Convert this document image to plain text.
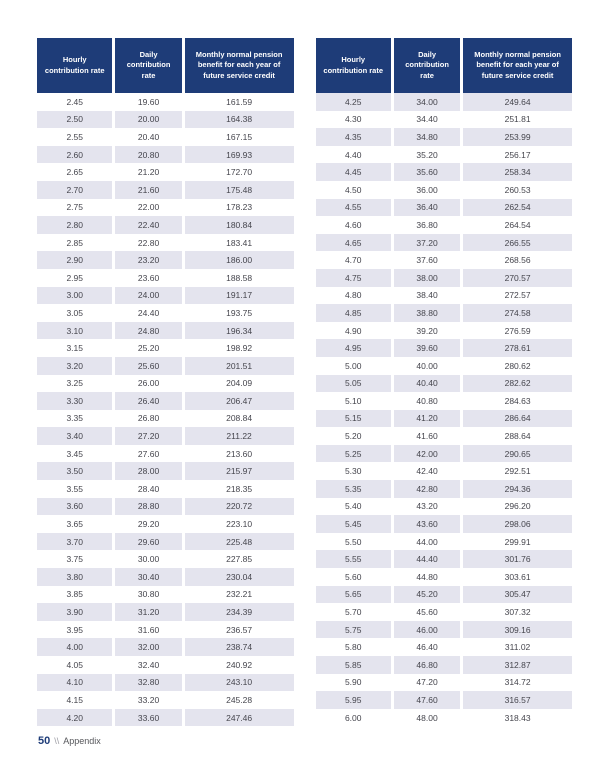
Hourly contribution rate	Daily contribution rate	Monthly normal pension benefit for each year of future service credit
2.45	19.60	161.59
2.50	20.00	164.38
2.55	20.40	167.15
2.60	20.80	169.93
2.65	21.20	172.70
2.70	21.60	175.48
2.75	22.00	178.23
2.80	22.40	180.84
2.85	22.80	183.41
2.90	23.20	186.00
2.95	23.60	188.58
3.00	24.00	191.17
3.05	24.40	193.75
3.10	24.80	196.34
3.15	25.20	198.92
3.20	25.60	201.51
3.25	26.00	204.09
3.30	26.40	206.47
3.35	26.80	208.84
3.40	27.20	211.22
3.45	27.60	213.60
3.50	28.00	215.97
3.55	28.40	218.35
3.60	28.80	220.72
3.65	29.20	223.10
3.70	29.60	225.48
3.75	30.00	227.85
3.80	30.40	230.04
3.85	30.80	232.21
3.90	31.20	234.39
3.95	31.60	236.57
4.00	32.00	238.74
4.05	32.40	240.92
4.10	32.80	243.10
4.15	33.20	245.28
4.20	33.60	247.46
Hourly contribution rate	Daily contribution rate	Monthly normal pension benefit for each year of future service credit
4.25	34.00	249.64
4.30	34.40	251.81
4.35	34.80	253.99
4.40	35.20	256.17
4.45	35.60	258.34
4.50	36.00	260.53
4.55	36.40	262.54
4.60	36.80	264.54
4.65	37.20	266.55
4.70	37.60	268.56
4.75	38.00	270.57
4.80	38.40	272.57
4.85	38.80	274.58
4.90	39.20	276.59
4.95	39.60	278.61
5.00	40.00	280.62
5.05	40.40	282.62
5.10	40.80	284.63
5.15	41.20	286.64
5.20	41.60	288.64
5.25	42.00	290.65
5.30	42.40	292.51
5.35	42.80	294.36
5.40	43.20	296.20
5.45	43.60	298.06
5.50	44.00	299.91
5.55	44.40	301.76
5.60	44.80	303.61
5.65	45.20	305.47
5.70	45.60	307.32
5.75	46.00	309.16
5.80	46.40	311.02
5.85	46.80	312.87
5.90	47.20	314.72
5.95	47.60	316.57
6.00	48.00	318.43
50 \\ Appendix
